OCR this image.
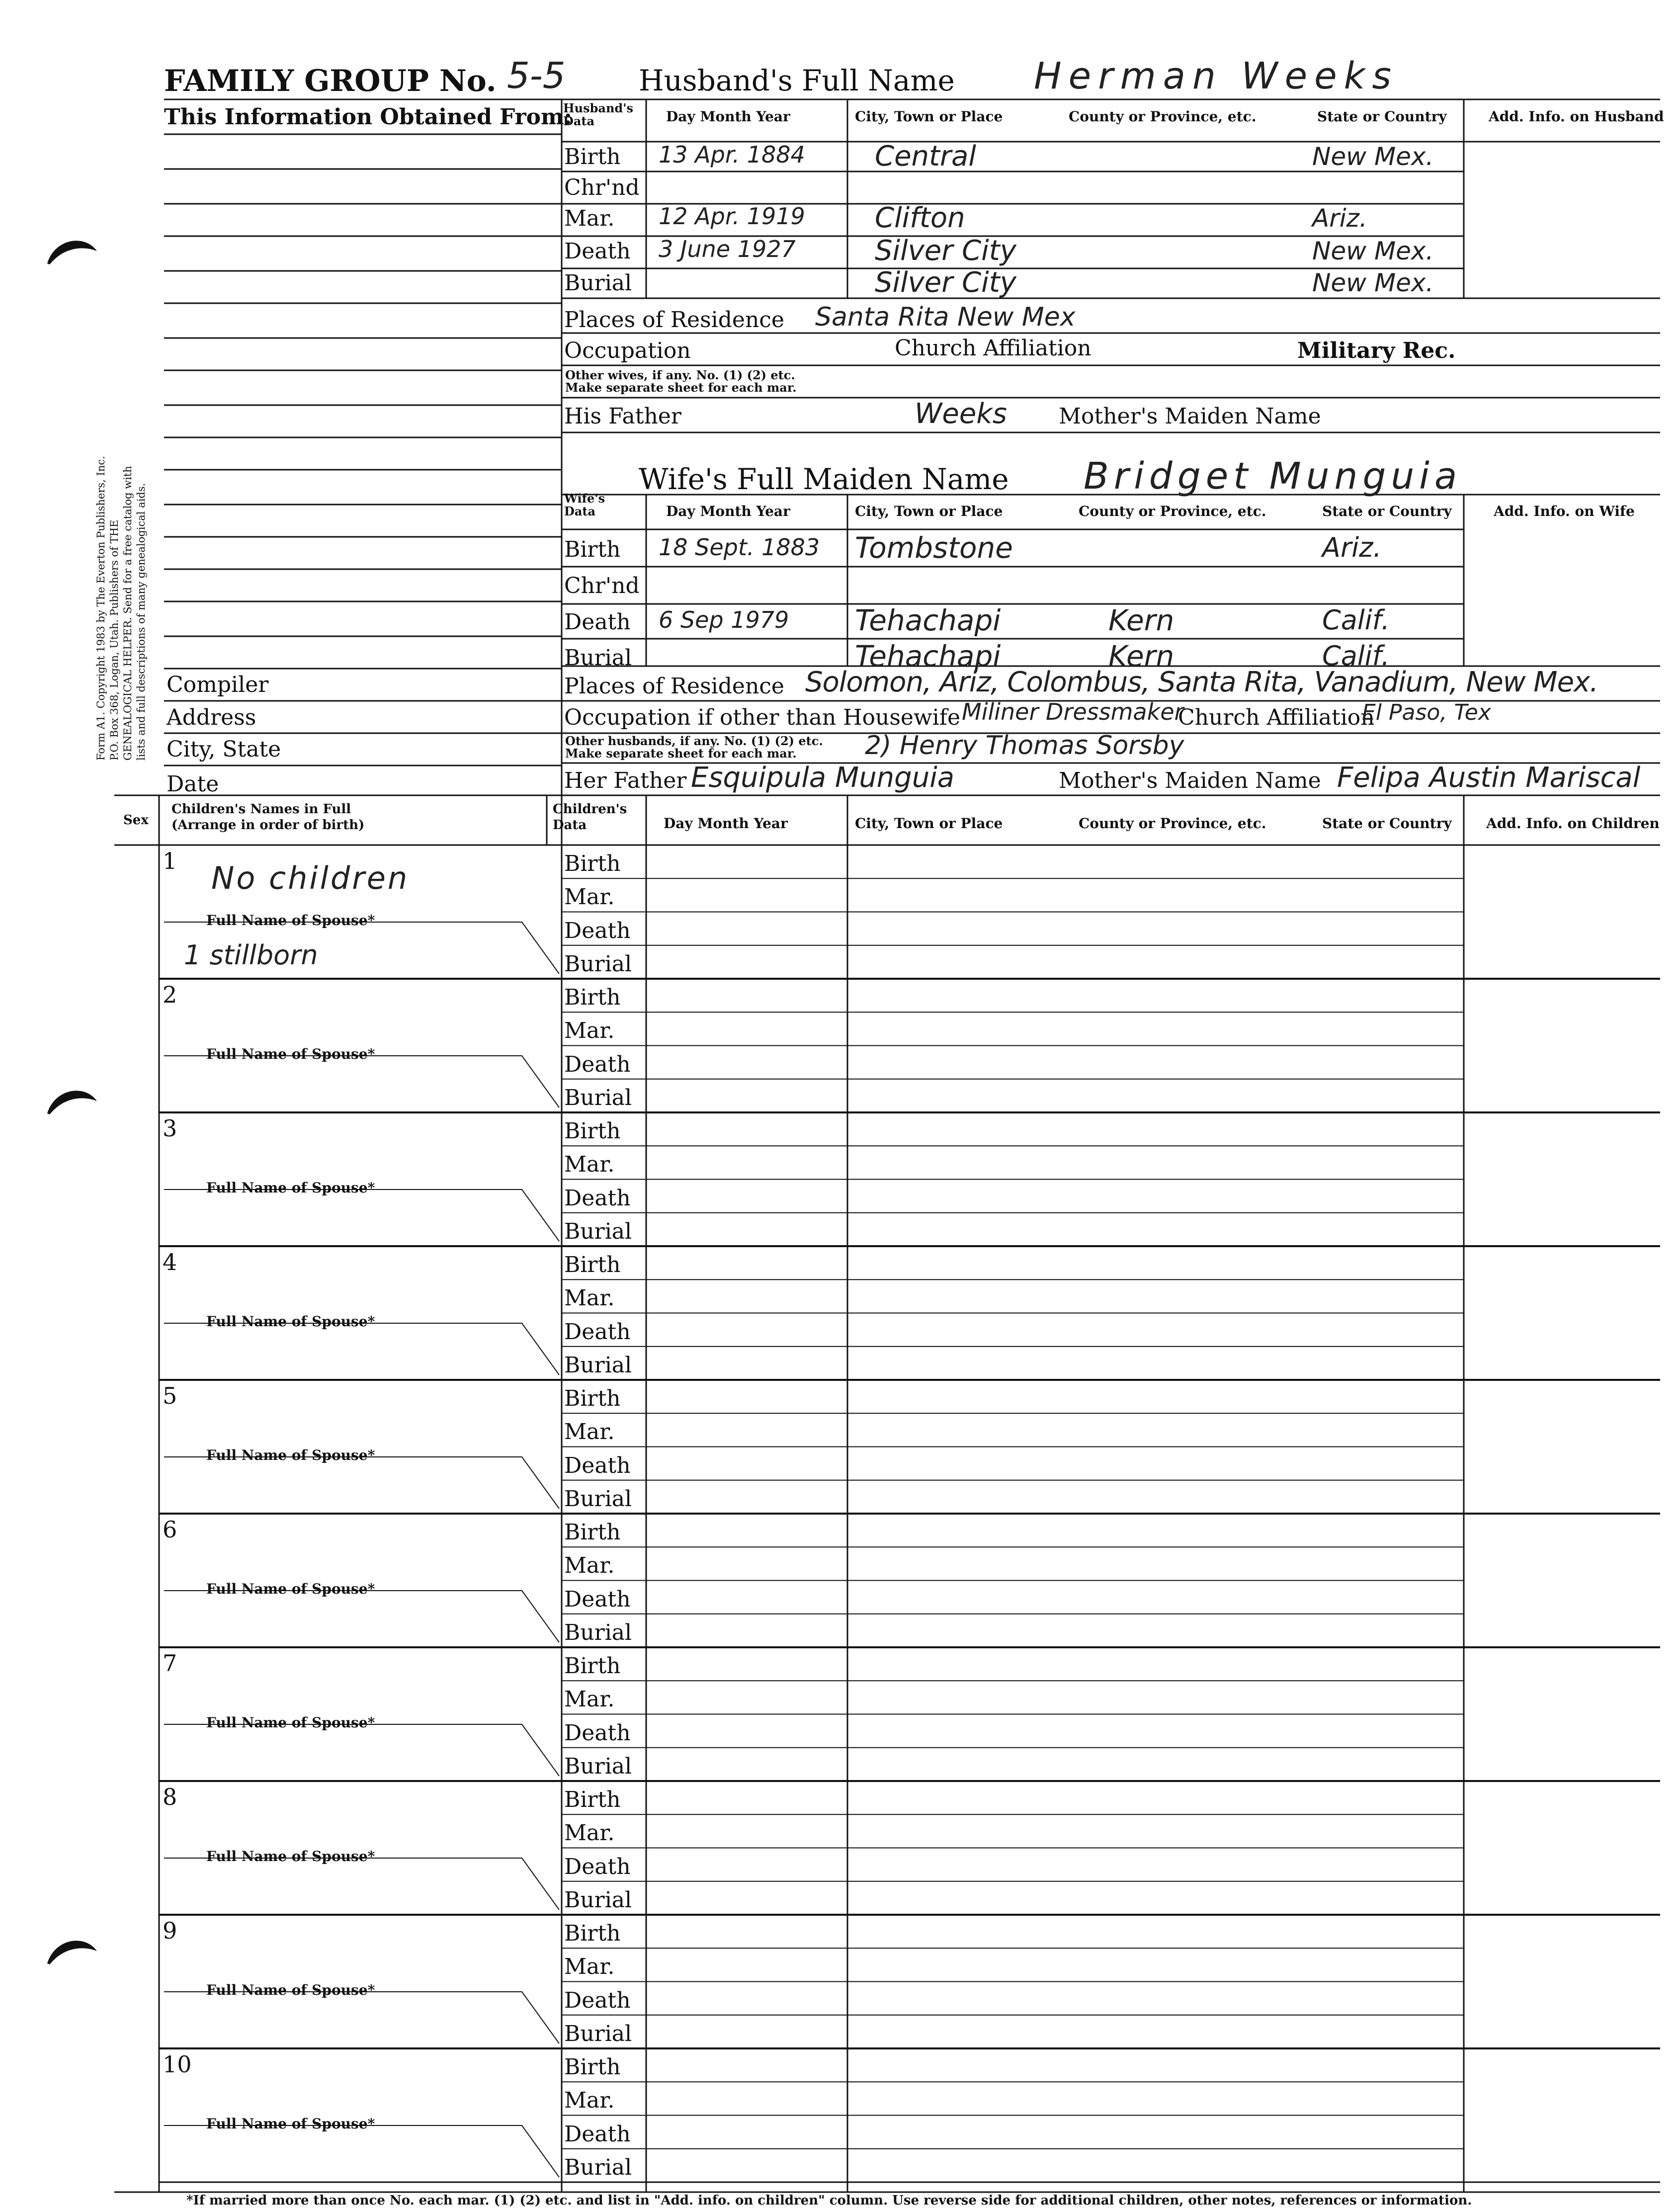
Form A1. Copyright 1983 by The Everton Publishers, Inc. P.O. Box 368, Logan, Utah. Publishers of THE GENEALOGICAL HELPER. Send for a free catalog with lists and full descriptions of many genealogical aids.
FAMILY GROUP No. 5-5	Husband's Full Name Herman Weeks
This Information Obtained From:
Husband's
Data	Day Month Year	City, Town or Place	County or Province, etc.	State or Country	Add. Info. on Husband
Places of Residence Santa Rita New Mex
Occupation	Church Affiliation	Military Rec.
Other wives, if any. No. (1) (2) etc.
Make separate sheet for each mar.
His Father	Weeks Mother's Maiden Name
Wife's Full Maiden Name Bridget Munguia
Wife's
Data	Day Month Year	City, Town or Place	County or Province, etc.	State or Country	Add. Info. on Wife
Places of Residence Solomon, Ariz, Colombus, Santa Rita, Vanadium, New Mex.
Occupation if other than Housewife Miliner Dressmaker
Church Affiliation
El Paso, Tex
Other husbands, if any. No. (1) (2) etc.
Make separate sheet for each mar.	2) Henry Thomas Sorsby
Her Father Esquipula Munguia	Mother's Maiden Name Felipa Austin Mariscal
Compiler
Address
City, State
Date
Sex
Children's Names in Full
(Arrange in order of birth)
Children's
Data	Day Month Year	City, Town or Place	County or Province, etc.	State or Country Add. Info. on Children
*If married more than once No. each mar. (1) (2) etc. and list in "Add. info. on children" column. Use reverse side for additional children, other notes, references or information.
Birth 13 Apr. 1884	Central	New Mex.
Chr'nd
Mar. 12 Apr. 1919	Clifton	Ariz.
Death 3 June 1927	Silver City	New Mex.
Burial	Silver City	New Mex.
Birth 18 Sept. 1883 Tombstone	Ariz.
Chr'nd
Death 6 Sep 1979 Tehachapi	Kern	Calif.
Burial	Tehachapi	Kern	Calif.
1 No children
Full Name of Spouse*
1 stillborn
Birth
Mar.
Death
Burial
2
Full Name of Spouse*
Birth
Mar.
Death
Burial
3
Full Name of Spouse*
Birth
Mar.
Death
Burial
4
Full Name of Spouse*
Birth
Mar.
Death
Burial
5
Full Name of Spouse*
Birth
Mar.
Death
Burial
6
Full Name of Spouse*
Birth
Mar.
Death
Burial
7
Full Name of Spouse*
Birth
Mar.
Death
Burial
8
Full Name of Spouse*
Birth
Mar.
Death
Burial
9
Full Name of Spouse*
Birth
Mar.
Death
Burial
10
Full Name of Spouse*
Birth
Mar.
Death
Burial
